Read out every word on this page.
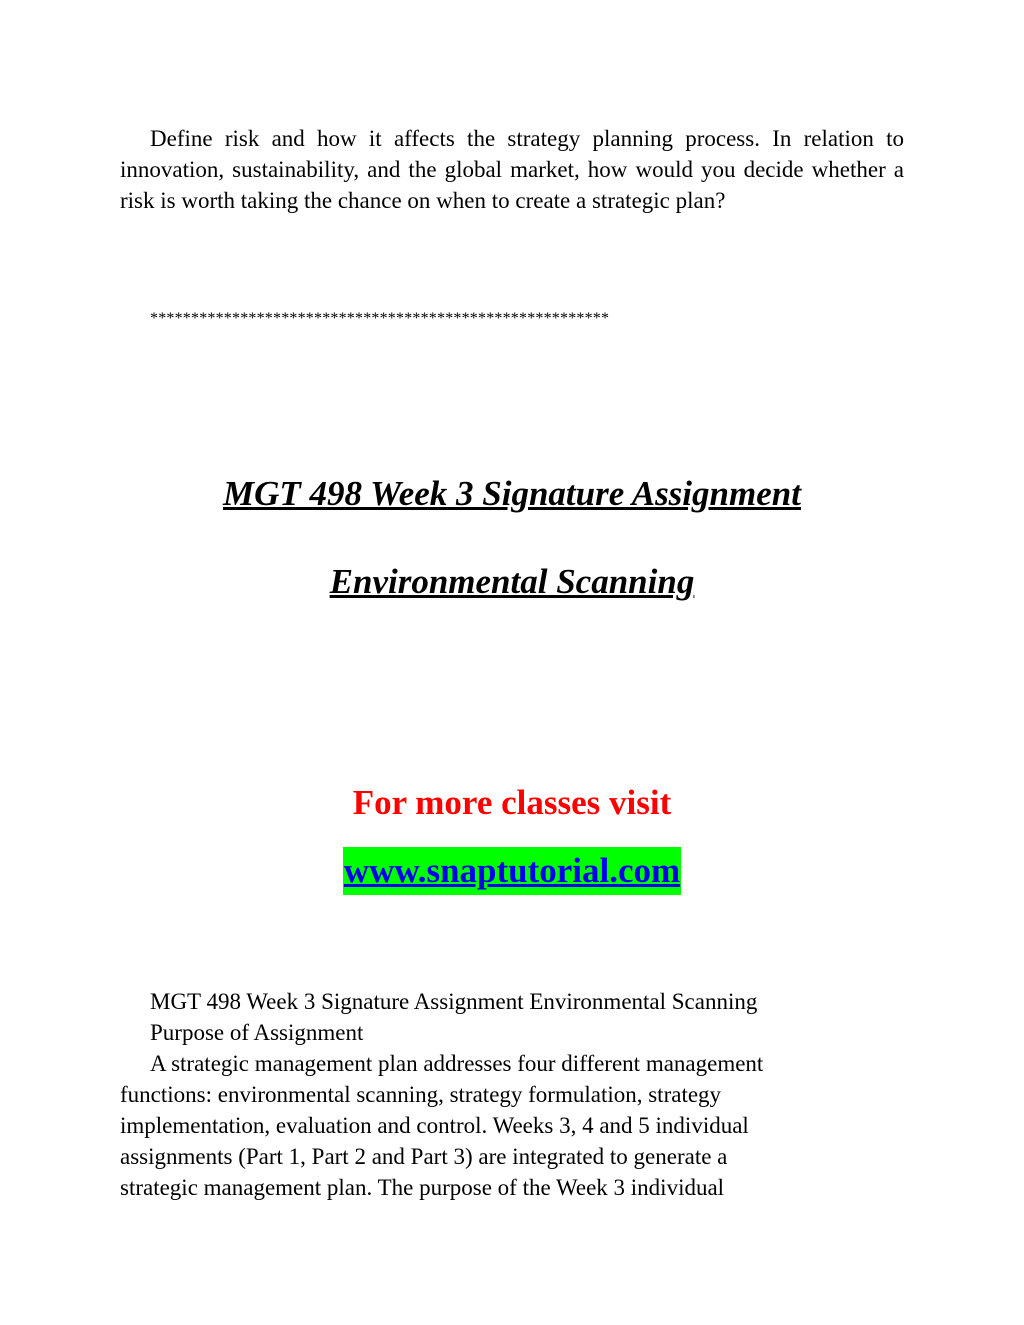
Define risk and how it affects the strategy planning process. In relation to innovation, sustainability, and the global market, how would you decide whether a risk is worth taking the chance on when to create a strategic plan?

********************************************************

MGT 498 Week 3 Signature Assignment
Environmental Scanning

For more classes visit

www.snaptutorial.com

MGT 498 Week 3 Signature Assignment Environmental Scanning

Purpose of Assignment

A strategic management plan addresses four different management
functions: environmental scanning, strategy formulation, strategy
implementation, evaluation and control. Weeks 3, 4 and 5 individual
assignments (Part 1, Part 2 and Part 3) are integrated to generate a
strategic management plan. The purpose of the Week 3 individual
